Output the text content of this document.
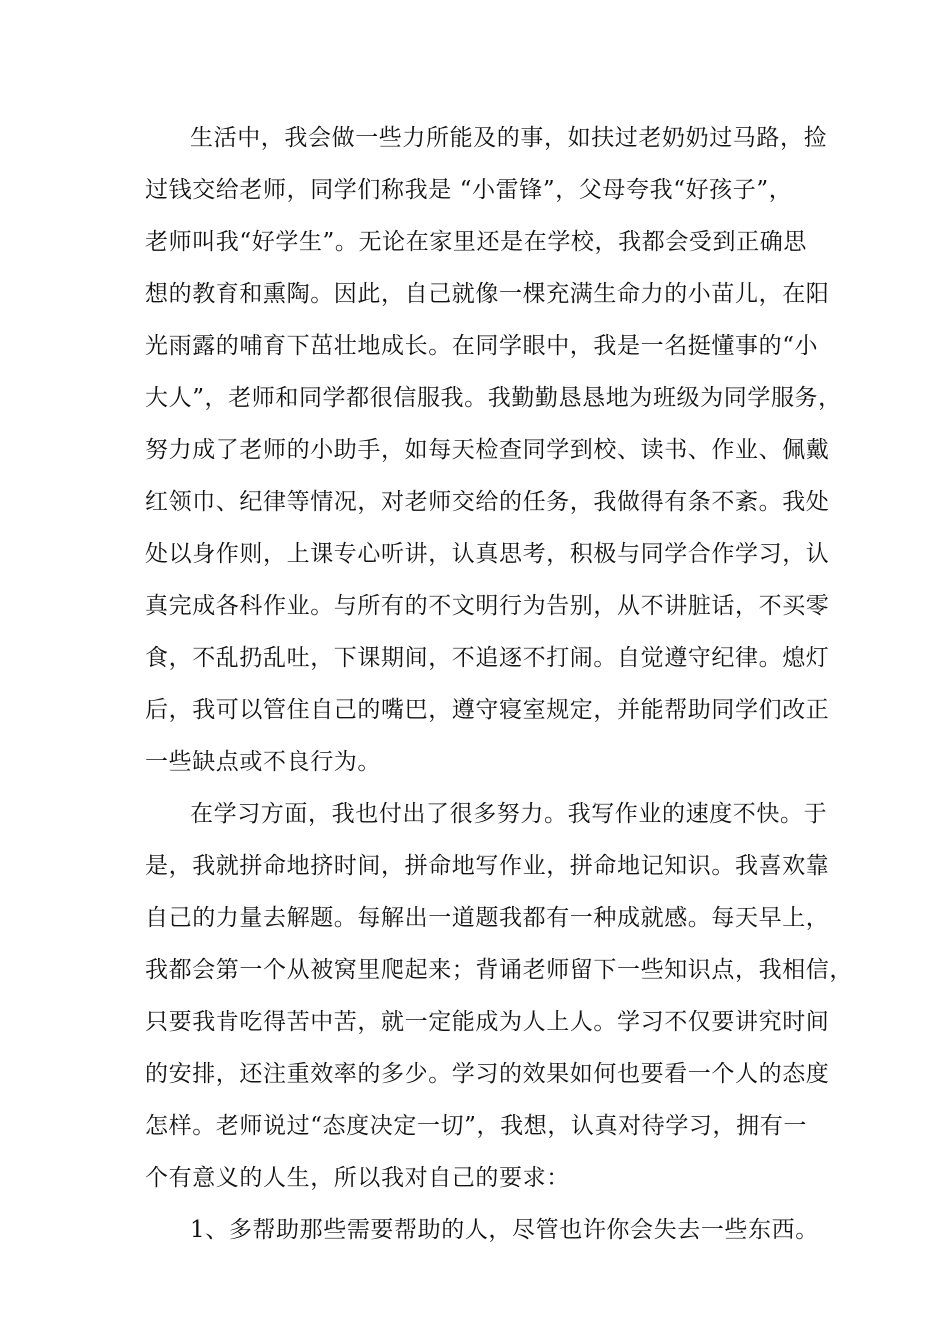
生活中，我会做一些力所能及的事，如扶过老奶奶过马路，捡
过钱交给老师，同学们称我是 “小雷锋”，父母夸我“好孩子”，
老师叫我“好学生”。无论在家里还是在学校，我都会受到正确思
想的教育和熏陶。因此，自己就像一棵充满生命力的小苗儿，在阳
光雨露的哺育下茁壮地成长。在同学眼中，我是一名挺懂事的“小
大人”，老师和同学都很信服我。我勤勤恳恳地为班级为同学服务，
努力成了老师的小助手，如每天检查同学到校、读书、作业、佩戴
红领巾、纪律等情况，对老师交给的任务，我做得有条不紊。我处
处以身作则，上课专心听讲，认真思考，积极与同学合作学习，认
真完成各科作业。与所有的不文明行为告别，从不讲脏话，不买零
食，不乱扔乱吐，下课期间，不追逐不打闹。自觉遵守纪律。熄灯
后，我可以管住自己的嘴巴，遵守寝室规定，并能帮助同学们改正
一些缺点或不良行为。
在学习方面，我也付出了很多努力。我写作业的速度不快。于
是，我就拼命地挤时间，拼命地写作业，拼命地记知识。我喜欢靠
自己的力量去解题。每解出一道题我都有一种成就感。每天早上，
我都会第一个从被窝里爬起来；背诵老师留下一些知识点，我相信，
只要我肯吃得苦中苦，就一定能成为人上人。学习不仅要讲究时间
的安排，还注重效率的多少。学习的效果如何也要看一个人的态度
怎样。老师说过“态度决定一切”，我想，认真对待学习，拥有一
个有意义的人生，所以我对自己的要求：
1、多帮助那些需要帮助的人，尽管也许你会失去一些东西。
